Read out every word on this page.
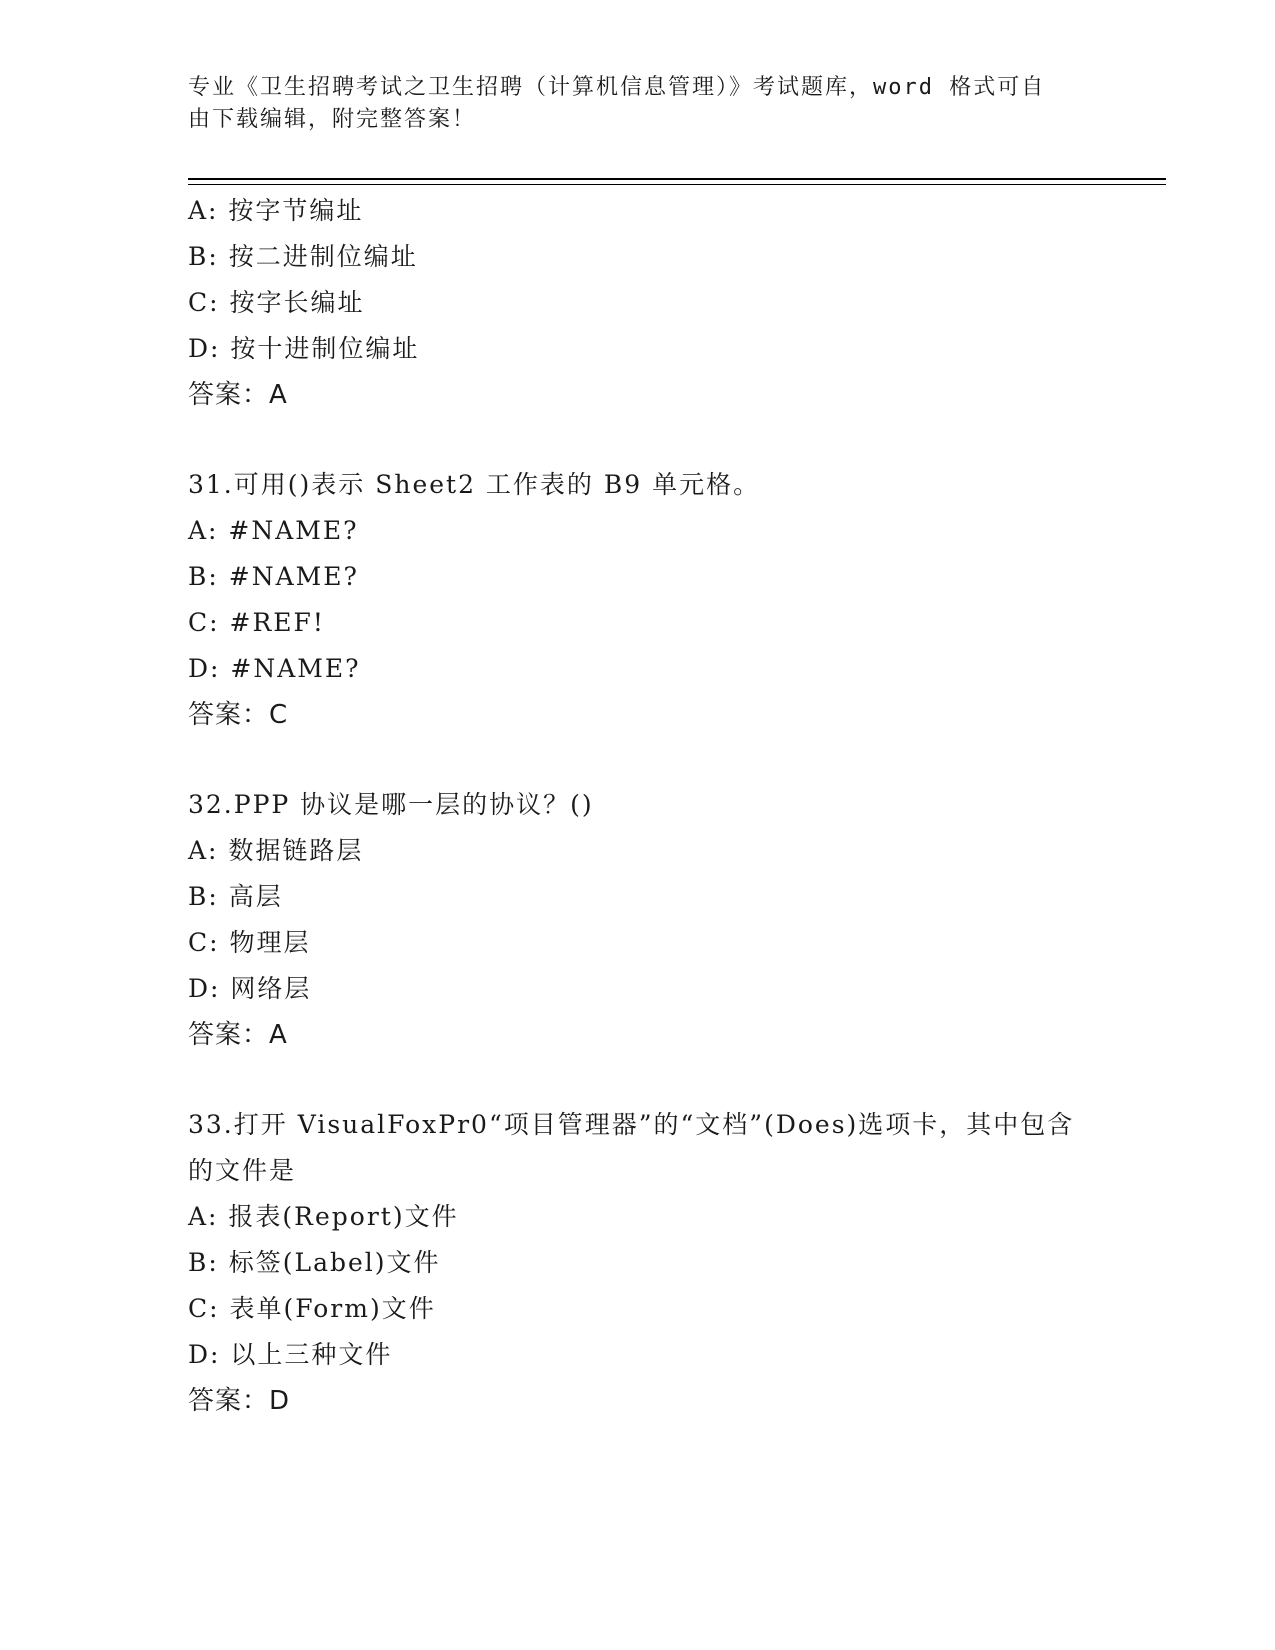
专业《卫生招聘考试之卫生招聘（计算机信息管理）》考试题库，word 格式可自
由下载编辑，附完整答案！
A: 按字节编址
B: 按二进制位编址
C: 按字长编址
D: 按十进制位编址
答案：A
31.可用()表示 Sheet2 工作表的 B9 单元格。
A: #NAME?
B: #NAME?
C: #REF!
D: #NAME?
答案：C
32.PPP 协议是哪一层的协议？()
A: 数据链路层
B: 高层
C: 物理层
D: 网络层
答案：A
33.打开 VisualFoxPr0“项目管理器”的“文档”(Does)选项卡，其中包含的文件是
A: 报表(Report)文件
B: 标签(Label)文件
C: 表单(Form)文件
D: 以上三种文件
答案：D
